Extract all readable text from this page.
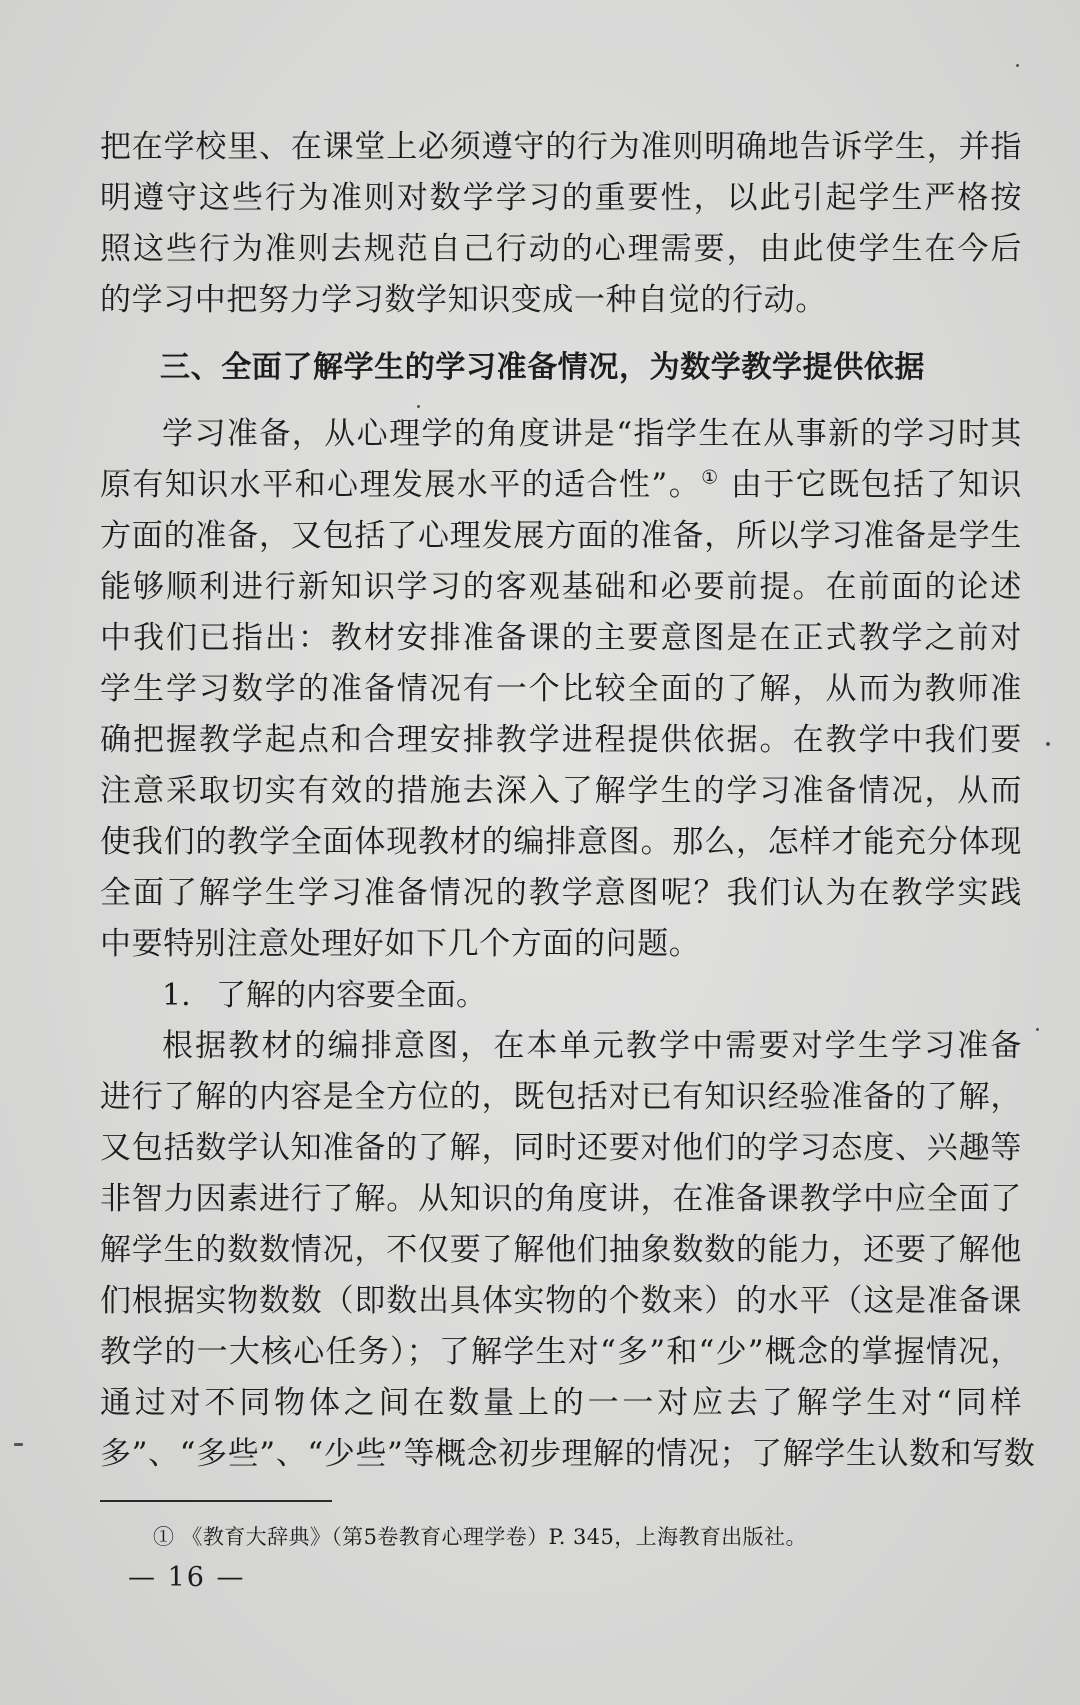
把在学校里、在课堂上必须遵守的行为准则明确地告诉学生，并指
明遵守这些行为准则对数学学习的重要性，以此引起学生严格按
照这些行为准则去规范自己行动的心理需要，由此使学生在今后
的学习中把努力学习数学知识变成一种自觉的行动。
三、全面了解学生的学习准备情况，为数学教学提供依据
学习准备，从心理学的角度讲是“指学生在从事新的学习时其
原有知识水平和心理发展水平的适合性”。① 由于它既包括了知识
方面的准备，又包括了心理发展方面的准备，所以学习准备是学生
能够顺利进行新知识学习的客观基础和必要前提。在前面的论述
中我们已指出：教材安排准备课的主要意图是在正式教学之前对
学生学习数学的准备情况有一个比较全面的了解，从而为教师准
确把握教学起点和合理安排教学进程提供依据。在教学中我们要
注意采取切实有效的措施去深入了解学生的学习准备情况，从而
使我们的教学全面体现教材的编排意图。那么，怎样才能充分体现
全面了解学生学习准备情况的教学意图呢？我们认为在教学实践
中要特别注意处理好如下几个方面的问题。
1. 了解的内容要全面。
根据教材的编排意图，在本单元教学中需要对学生学习准备
进行了解的内容是全方位的，既包括对已有知识经验准备的了解，
又包括数学认知准备的了解，同时还要对他们的学习态度、兴趣等
非智力因素进行了解。从知识的角度讲，在准备课教学中应全面了
解学生的数数情况，不仅要了解他们抽象数数的能力，还要了解他
们根据实物数数（即数出具体实物的个数来）的水平（这是准备课
教学的一大核心任务）；了解学生对“多”和“少”概念的掌握情况，
通过对不同物体之间在数量上的一一对应去了解学生对“同样
多”、“多些”、“少些”等概念初步理解的情况；了解学生认数和写数
① 《教育大辞典》（第5卷教育心理学卷）P. 345，上海教育出版社。
— 16 —
